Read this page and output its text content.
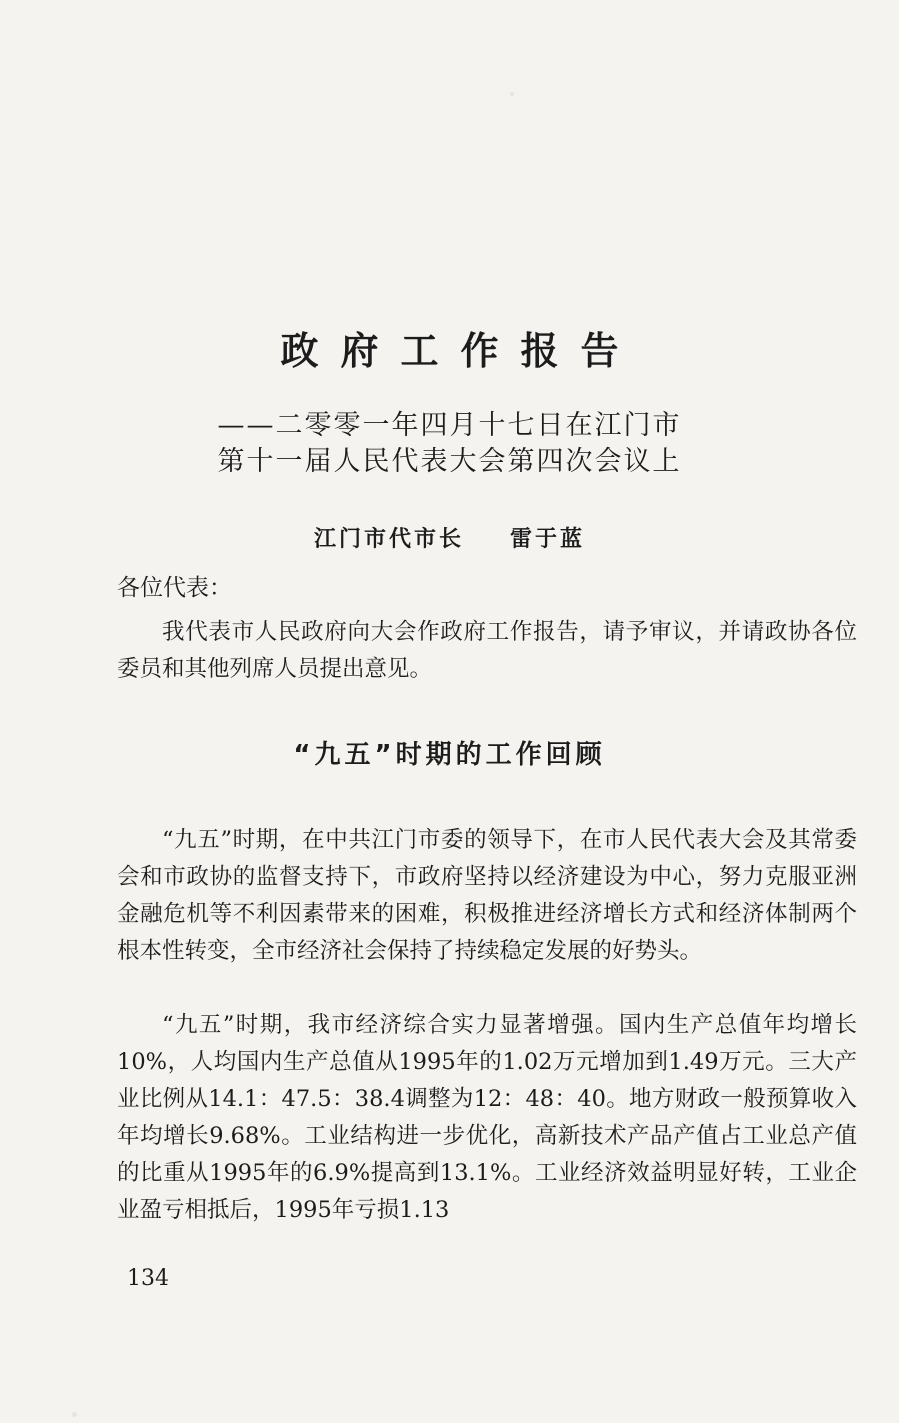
政府工作报告
——二零零一年四月十七日在江门市
第十一届人民代表大会第四次会议上
江门市代市长 雷于蓝
各位代表：

我代表市人民政府向大会作政府工作报告，请予审议，并请政协各位委员和其他列席人员提出意见。

“九五”时期的工作回顾

“九五”时期，在中共江门市委的领导下，在市人民代表大会及其常委会和市政协的监督支持下，市政府坚持以经济建设为中心，努力克服亚洲金融危机等不利因素带来的困难，积极推进经济增长方式和经济体制两个根本性转变，全市经济社会保持了持续稳定发展的好势头。

“九五”时期，我市经济综合实力显著增强。国内生产总值年均增长10%，人均国内生产总值从1995年的1.02万元增加到1.49万元。三大产业比例从14.1：47.5：38.4调整为12：48：40。地方财政一般预算收入年均增长9.68%。工业结构进一步优化，高新技术产品产值占工业总产值的比重从1995年的6.9%提高到13.1%。工业经济效益明显好转，工业企业盈亏相抵后，1995年亏损1.13

134
